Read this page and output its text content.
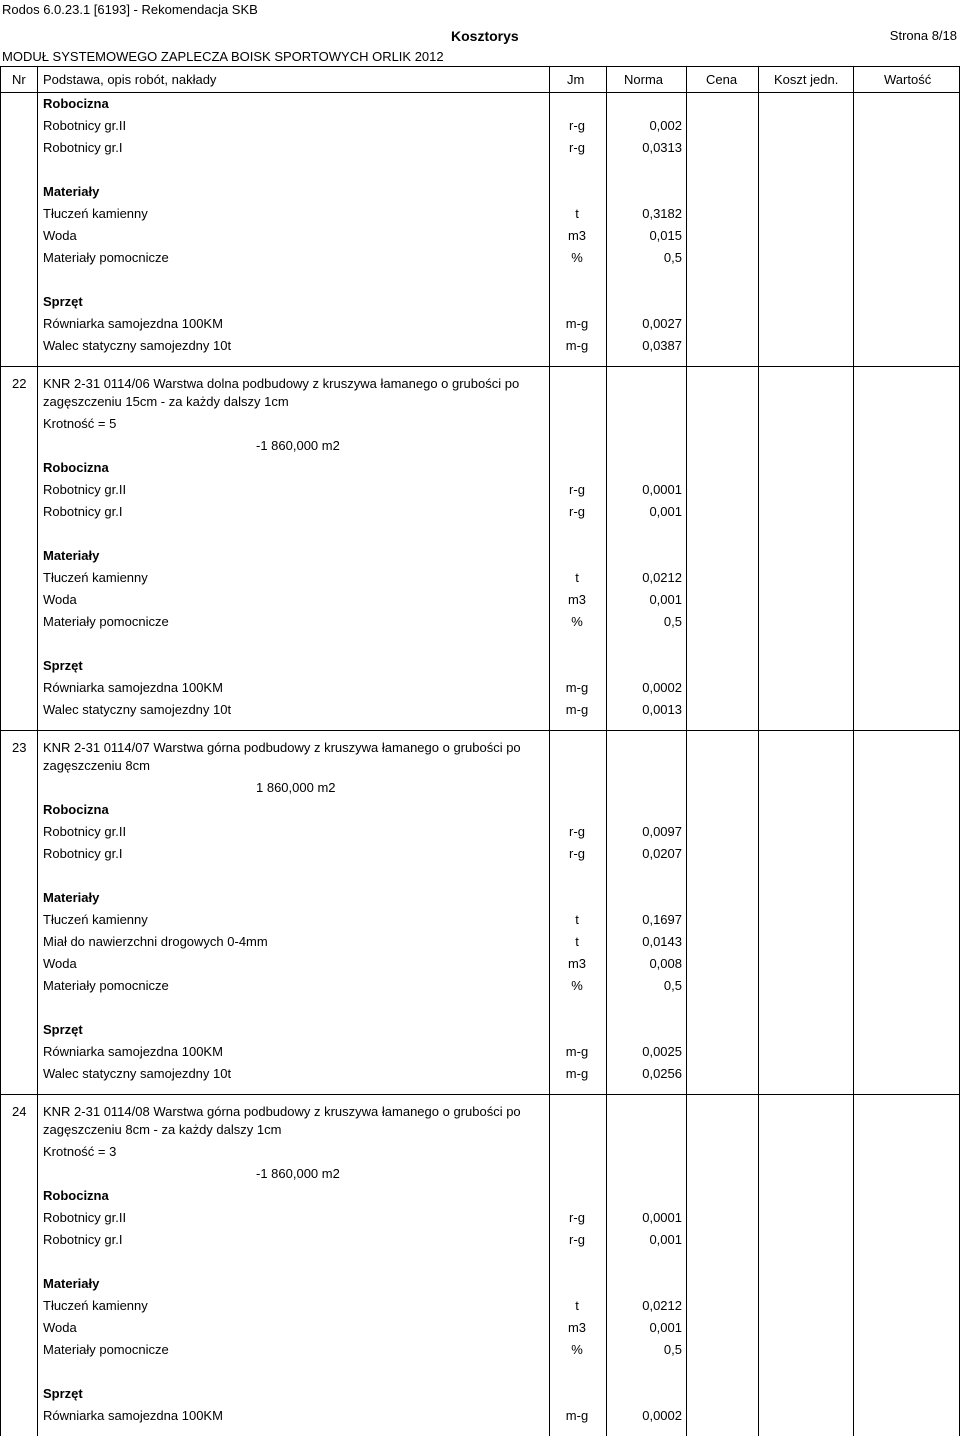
Rodos 6.0.23.1 [6193] - Rekomendacja SKB
Kosztorys	Strona 8/18
MODUŁ SYSTEMOWEGO ZAPLECZA BOISK SPORTOWYCH ORLIK 2012
Nr Podstawa, opis robót, nakłady	Jm	Norma	Cena	Koszt jedn.	Wartość
Robocizna
Robotnicy gr.II	r-g	0,002
Robotnicy gr.I	r-g	0,0313
Materiały
Tłuczeń kamienny	t	0,3182
Woda	m3	0,015
Materiały pomocnicze	%	0,5
Sprzęt
Równiarka samojezdna 100KM	m-g	0,0027
Walec statyczny samojezdny 10t	m-g	0,0387
22 KNR 2-31 0114/06 Warstwa dolna podbudowy z kruszywa łamanego o grubości po
zagęszczeniu 15cm - za każdy dalszy 1cm
Krotność = 5
-1 860,000 m2
Robocizna
Robotnicy gr.II	r-g	0,0001
Robotnicy gr.I	r-g	0,001
Materiały
Tłuczeń kamienny	t	0,0212
Woda	m3	0,001
Materiały pomocnicze	%	0,5
Sprzęt
Równiarka samojezdna 100KM	m-g	0,0002
Walec statyczny samojezdny 10t	m-g	0,0013
23 KNR 2-31 0114/07 Warstwa górna podbudowy z kruszywa łamanego o grubości po
zagęszczeniu 8cm
1 860,000 m2
Robocizna
Robotnicy gr.II	r-g	0,0097
Robotnicy gr.I	r-g	0,0207
Materiały
Tłuczeń kamienny	t	0,1697
Miał do nawierzchni drogowych 0-4mm	t	0,0143
Woda	m3	0,008
Materiały pomocnicze	%	0,5
Sprzęt
Równiarka samojezdna 100KM	m-g	0,0025
Walec statyczny samojezdny 10t	m-g	0,0256
24 KNR 2-31 0114/08 Warstwa górna podbudowy z kruszywa łamanego o grubości po
zagęszczeniu 8cm - za każdy dalszy 1cm
Krotność = 3
-1 860,000 m2
Robocizna
Robotnicy gr.II	r-g	0,0001
Robotnicy gr.I	r-g	0,001
Materiały
Tłuczeń kamienny	t	0,0212
Woda	m3	0,001
Materiały pomocnicze	%	0,5
Sprzęt
Równiarka samojezdna 100KM	m-g	0,0002
